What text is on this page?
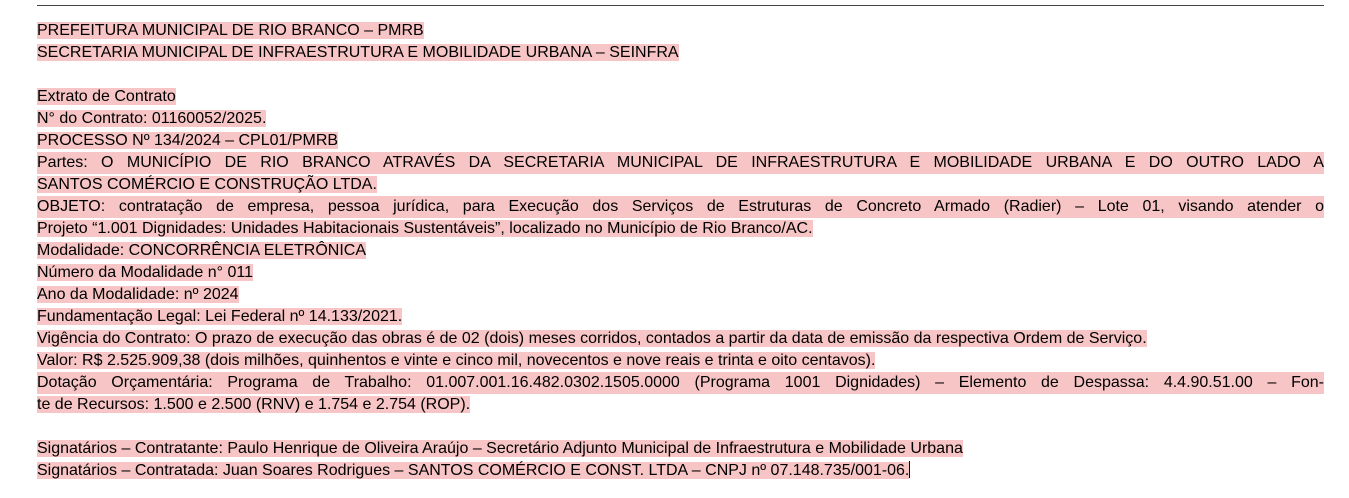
PREFEITURA MUNICIPAL DE RIO BRANCO – PMRB
SECRETARIA MUNICIPAL DE INFRAESTRUTURA E MOBILIDADE URBANA – SEINFRA
Extrato de Contrato
N° do Contrato: 01160052/2025.
PROCESSO Nº 134/2024 – CPL01/PMRB
Partes: O MUNICÍPIO DE RIO BRANCO ATRAVÉS DA SECRETARIA MUNICIPAL DE INFRAESTRUTURA E MOBILIDADE URBANA E DO OUTRO LADO A
SANTOS COMÉRCIO E CONSTRUÇÃO LTDA.
OBJETO: contratação de empresa, pessoa jurídica, para Execução dos Serviços de Estruturas de Concreto Armado (Radier) – Lote 01, visando atender o
Projeto “1.001 Dignidades: Unidades Habitacionais Sustentáveis”, localizado no Município de Rio Branco/AC.
Modalidade: CONCORRÊNCIA ELETRÔNICA
Número da Modalidade n° 011
Ano da Modalidade: nº 2024
Fundamentação Legal: Lei Federal nº 14.133/2021.
Vigência do Contrato: O prazo de execução das obras é de 02 (dois) meses corridos, contados a partir da data de emissão da respectiva Ordem de Serviço.
Valor: R$ 2.525.909,38 (dois milhões, quinhentos e vinte e cinco mil, novecentos e nove reais e trinta e oito centavos).
Dotação Orçamentária: Programa de Trabalho: 01.007.001.16.482.0302.1505.0000 (Programa 1001 Dignidades) – Elemento de Despassa: 4.4.90.51.00 – Fon-
te de Recursos: 1.500 e 2.500 (RNV) e 1.754 e 2.754 (ROP).
Signatários – Contratante: Paulo Henrique de Oliveira Araújo – Secretário Adjunto Municipal de Infraestrutura e Mobilidade Urbana
Signatários – Contratada: Juan Soares Rodrigues – SANTOS COMÉRCIO E CONST. LTDA – CNPJ nº 07.148.735/001-06.
